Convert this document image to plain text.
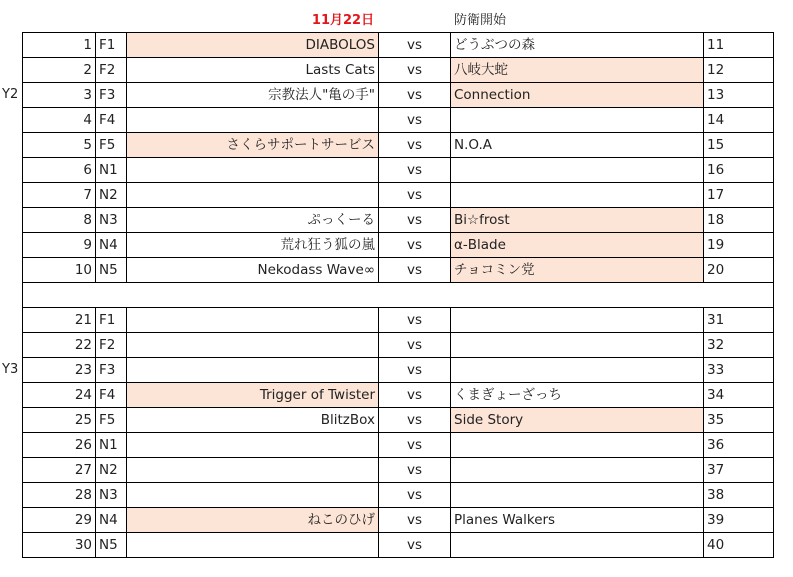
11月22日	防衛開始
Y2
Y3
1	F1	DIABOLOS	vs	どうぶつの森	11
2	F2	Lasts Cats	vs	八岐大蛇	12
3	F3	宗教法人"亀の手"	vs	Connection	13
4	F4		vs		14
5	F5	さくらサポートサービス	vs	N.O.A	15
6	N1		vs		16
7	N2		vs		17
8	N3	ぷっくーる	vs	Bi☆frost	18
9	N4	荒れ狂う狐の嵐	vs	α-Blade	19
10	N5	Nekodass Wave∞	vs	チョコミン党	20

21	F1		vs		31
22	F2		vs		32
23	F3		vs		33
24	F4	Trigger of Twister	vs	くまぎょーざっち	34
25	F5	BlitzBox	vs	Side Story	35
26	N1		vs		36
27	N2		vs		37
28	N3		vs		38
29	N4	ねこのひげ	vs	Planes Walkers	39
30	N5		vs		40
